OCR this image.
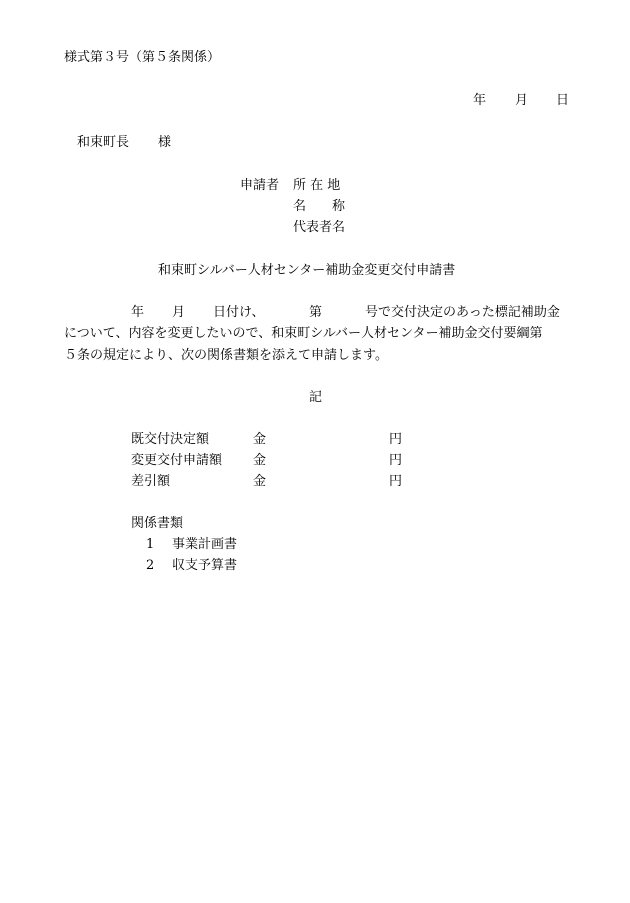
様式第３号（第５条関係）
年 月 日
和束町長 様
申請者 所 在 地
名　　称
代表者名
和束町シルバー人材センター補助金変更交付申請書
年 月 日付け、	第	号で交付決定のあった標記補助金
について、内容を変更したいので、和束町シルバー人材センター補助金交付要綱第
５条の規定により、次の関係書類を添えて申請します。
記
既交付決定額	金	円
変更交付申請額 金	円
差引額	金	円
関係書類
1 事業計画書
2 収支予算書
